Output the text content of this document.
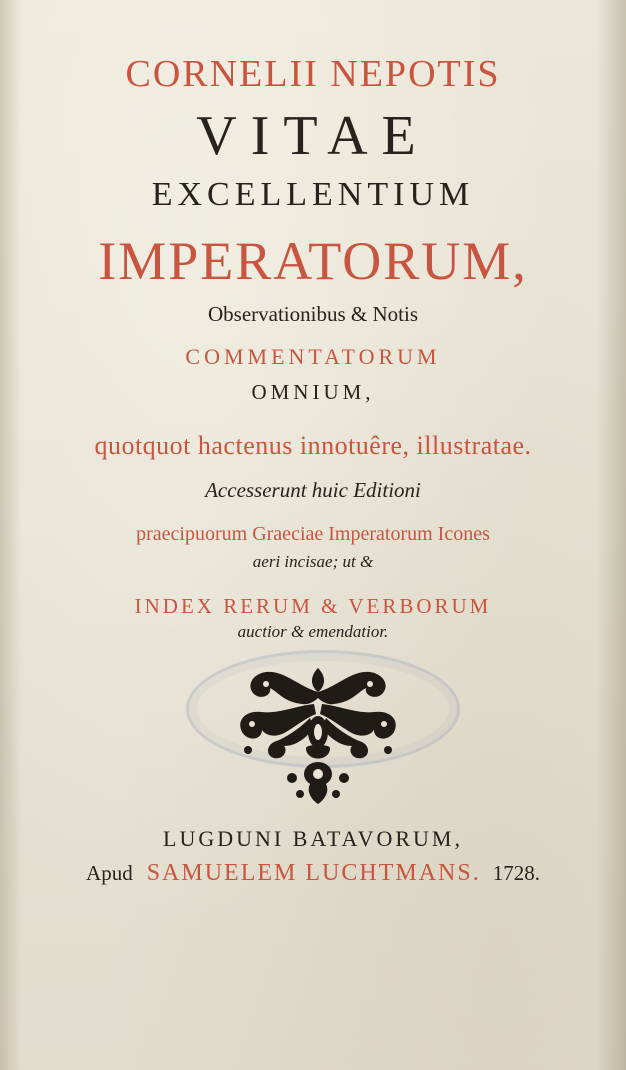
CORNELII NEPOTIS
VITAE
EXCELLENTIUM
IMPERATORUM,
Observationibus & Notis
COMMENTATORUM
OMNIUM,
quotquot hactenus innotuêre, illustratae.
Accesserunt huic Editioni
praecipuorum Graeciae Imperatorum Icones
aeri incisae; ut &
INDEX RERUM & VERBORUM
auctior & emendatior.
LUGDUNI BATAVORUM,
Apud SAMUELEM LUCHTMANS. 1728.
